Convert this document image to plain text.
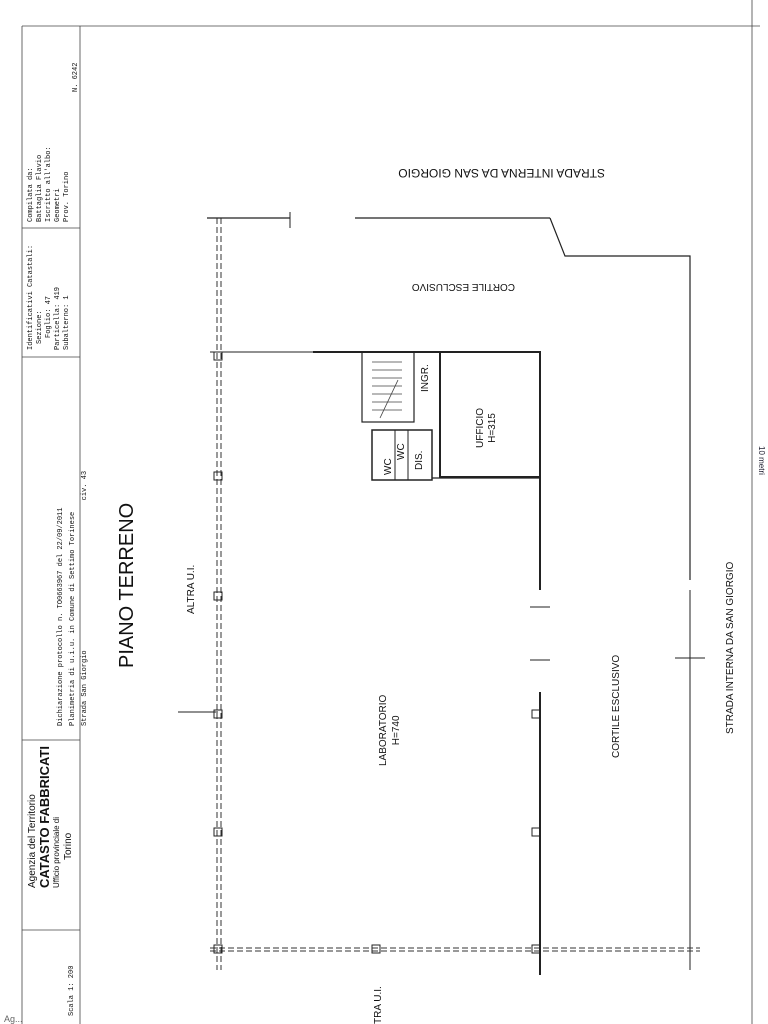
Agenzia del Territorio CATASTO FABBRICATI Ufficio provinciale di Torino
Scala 1: 200
Dichiarazione protocollo n. TO0663967 del 22/09/2011 Planimetria di u.i.u. in Comune di Settimo Torinese Strada San Giorgiociv. 43
Identificativi Catastali: Sezione: Foglio: 47 Particella: 419 Subalterno: 1
Compilata da: Battaglia Flavio Iscritto all'albo: Geometri Prov. Torino
N. 6242
PIANO TERRENO
STRADA INTERNA DA SAN GIORGIO
CORTILE ESCLUSIVO
INGR.
UFFICIO H=315
DIS.
WC
WC
ALTRA U.I.
LABORATORIO H=740	CORTILE ESCLUSIVO	STRADA INTERNA DA SAN GIORGIO
TRA U.I.
10 metri
Ag...
